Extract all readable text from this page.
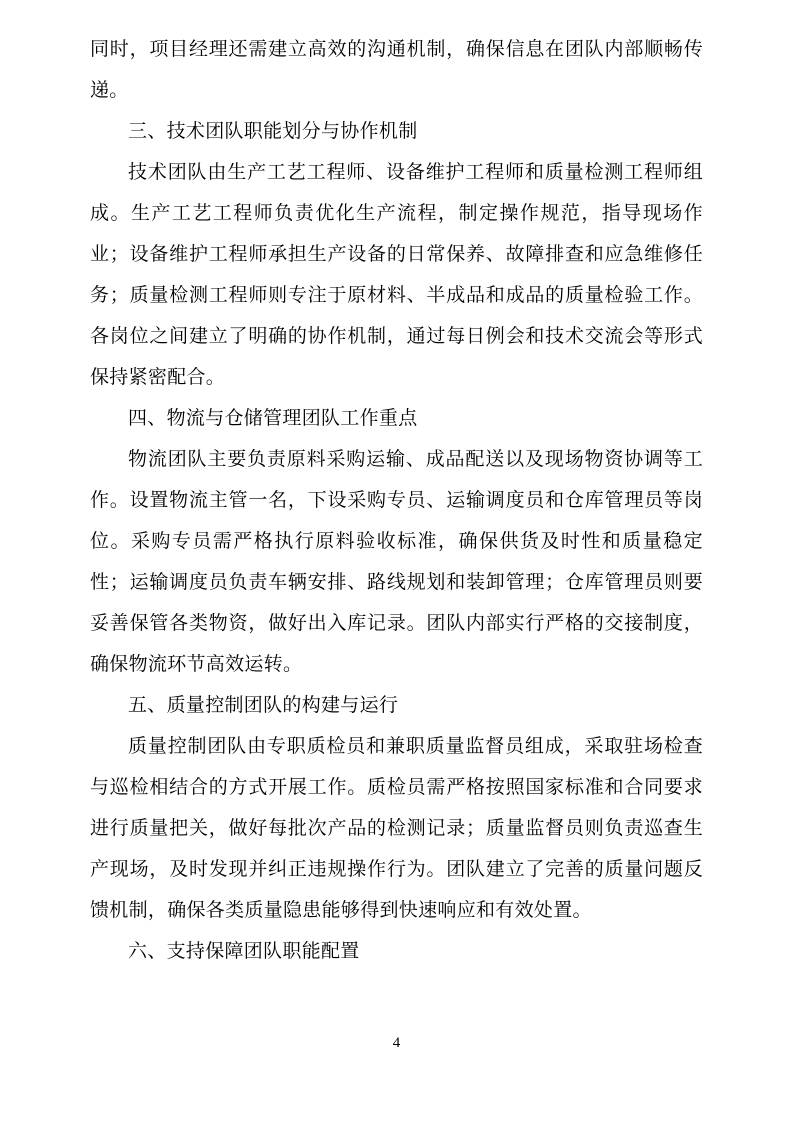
同时，项目经理还需建立高效的沟通机制，确保信息在团队内部顺畅传递。

三、技术团队职能划分与协作机制

技术团队由生产工艺工程师、设备维护工程师和质量检测工程师组成。生产工艺工程师负责优化生产流程，制定操作规范，指导现场作业；设备维护工程师承担生产设备的日常保养、故障排查和应急维修任务；质量检测工程师则专注于原材料、半成品和成品的质量检验工作。各岗位之间建立了明确的协作机制，通过每日例会和技术交流会等形式保持紧密配合。

四、物流与仓储管理团队工作重点

物流团队主要负责原料采购运输、成品配送以及现场物资协调等工作。设置物流主管一名，下设采购专员、运输调度员和仓库管理员等岗位。采购专员需严格执行原料验收标准，确保供货及时性和质量稳定性；运输调度员负责车辆安排、路线规划和装卸管理；仓库管理员则要妥善保管各类物资，做好出入库记录。团队内部实行严格的交接制度，确保物流环节高效运转。

五、质量控制团队的构建与运行

质量控制团队由专职质检员和兼职质量监督员组成，采取驻场检查与巡检相结合的方式开展工作。质检员需严格按照国家标准和合同要求进行质量把关，做好每批次产品的检测记录；质量监督员则负责巡查生产现场，及时发现并纠正违规操作行为。团队建立了完善的质量问题反馈机制，确保各类质量隐患能够得到快速响应和有效处置。

六、支持保障团队职能配置

4
